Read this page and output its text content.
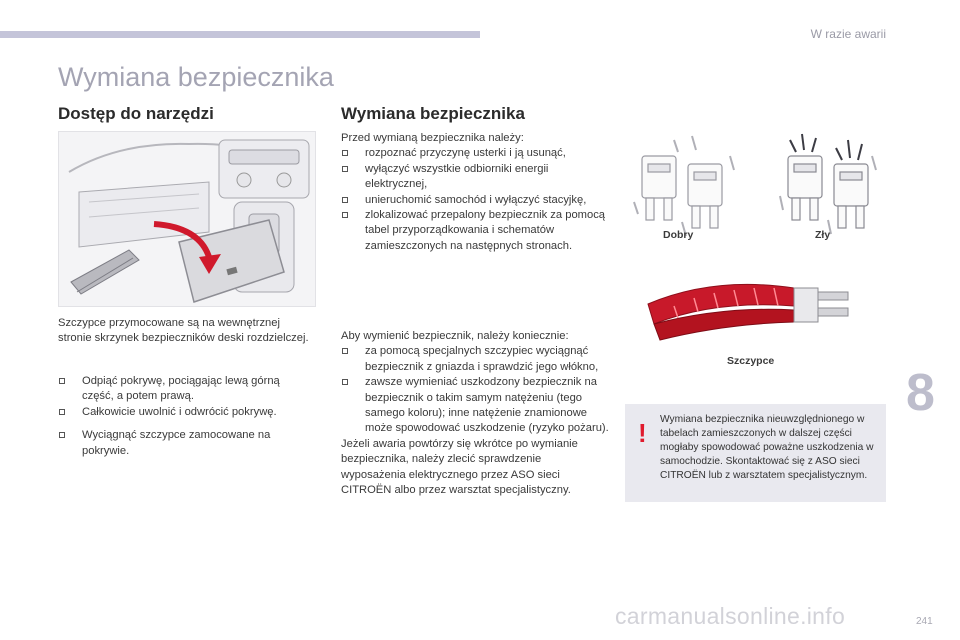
W razie awarii
Wymiana bezpiecznika
Dostęp do narzędzi

Szczypce przymocowane są na wewnętrznej stronie skrzynek bezpieczników deski rozdzielczej.

Odpiąć pokrywę, pociągając lewą górną część, a potem prawą.
Całkowicie uwolnić i odwrócić pokrywę.
Wyciągnąć szczypce zamocowane na pokrywie.
Wymiana bezpiecznika

Przed wymianą bezpiecznika należy:

rozpoznać przyczynę usterki i ją usunąć,
wyłączyć wszystkie odbiorniki energii elektrycznej,
unieruchomić samochód i wyłączyć stacyjkę,
zlokalizować przepalony bezpiecznik za pomocą tabel przyporządkowania i schematów zamieszczonych na następnych stronach.

Aby wymienić bezpiecznik, należy koniecznie:

za pomocą specjalnych szczypiec wyciągnąć bezpiecznik z gniazda i sprawdzić jego włókno,
zawsze wymieniać uszkodzony bezpiecznik na bezpiecznik o takim samym natężeniu (tego samego koloru); inne natężenie znamionowe może spowodować uszkodzenie (ryzyko pożaru).

Jeżeli awaria powtórzy się wkrótce po wymianie bezpiecznika, należy zlecić sprawdzenie wyposażenia elektrycznego przez ASO sieci CITROËN albo przez warsztat specjalistyczny.

Dobry	Zły
Szczypce
! Wymiana bezpiecznika nieuwzględnionego w tabelach zamieszczonych w dalszej części mogłaby spowodować poważne uszkodzenia w samochodzie. Skontaktować się z ASO sieci CITROËN lub z warsztatem specjalistycznym.
8
241
carmanualsonline.info
